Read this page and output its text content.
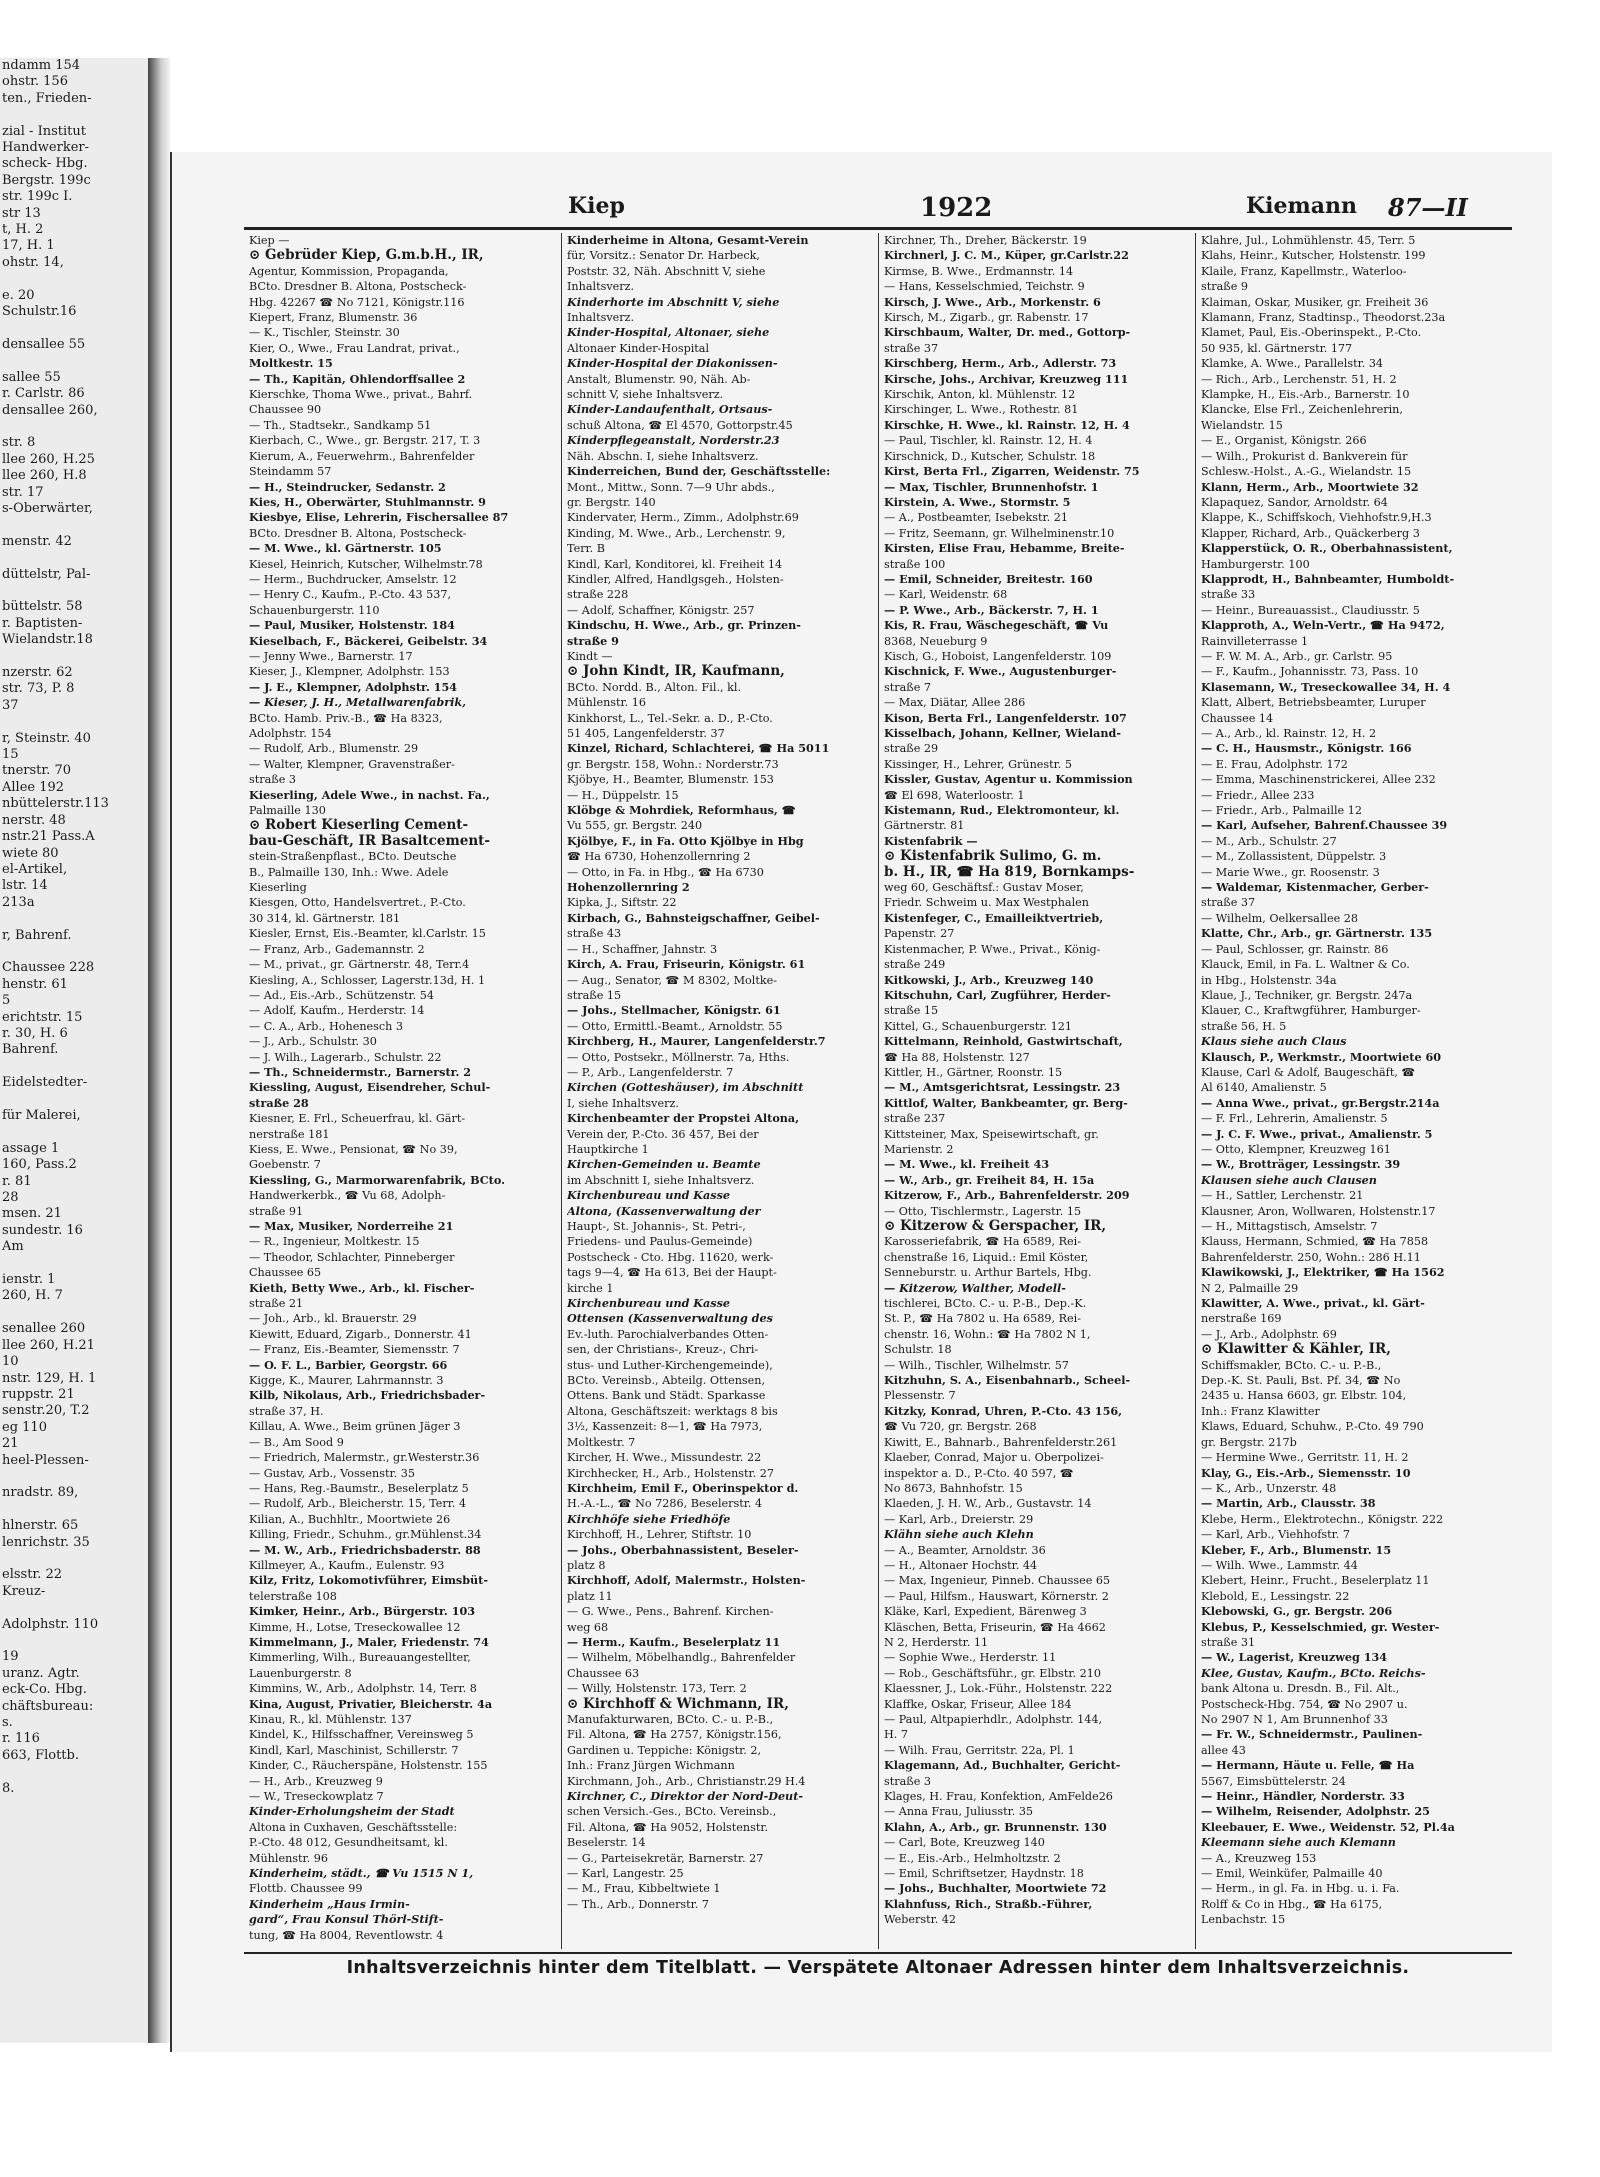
ndamm 154
ohstr. 156
ten., Frieden-

zial - Institut
Handwerker-
scheck- Hbg.
Bergstr. 199c
str. 199c I.
str 13
t, H. 2
17, H. 1
ohstr. 14,

e. 20
Schulstr.16

densallee 55

sallee 55
r. Carlstr. 86
densallee 260,

str. 8
llee 260, H.25
llee 260, H.8
str. 17
s-Oberwärter,

menstr. 42

düttelstr, Pal-

büttelstr. 58
r. Baptisten-
Wielandstr.18

nzerstr. 62
str. 73, P. 8
37

r, Steinstr. 40
15
tnerstr. 70
Allee 192
nbüttelerstr.113
nerstr. 48
nstr.21 Pass.A
wiete 80
el-Artikel,
lstr. 14
213a

r, Bahrenf.

Chaussee 228
henstr. 61
5
erichtstr. 15
r. 30, H. 6
Bahrenf.

Eidelstedter-

für Malerei,

assage 1
160, Pass.2
r. 81
28
msen. 21
sundestr. 16
Am

ienstr. 1
260, H. 7

senallee 260
llee 260, H.21
10
nstr. 129, H. 1
ruppstr. 21
senstr.20, T.2
eg 110
21
heel-Plessen-

nradstr. 89,

hlnerstr. 65
lenrichstr. 35

elsstr. 22
Kreuz-

Adolphstr. 110

19
uranz. Agtr.
eck-Co. Hbg.
chäftsbureau:
s.
r. 116
663, Flottb.

8.
Kiep	1922	Kiemann 87—II
Kiep —
⊙ Gebrüder Kiep, G.m.b.H., IR,
Agentur, Kommission, Propaganda,
BCto. Dresdner B. Altona, Postscheck-
Hbg. 42267 ☎ No 7121, Königstr.116
Kiepert, Franz, Blumenstr. 36
— K., Tischler, Steinstr. 30
Kier, O., Wwe., Frau Landrat, privat.,
Moltkestr. 15
— Th., Kapitän, Ohlendorffsallee 2
Kierschke, Thoma Wwe., privat., Bahrf.
Chaussee 90
— Th., Stadtsekr., Sandkamp 51
Kierbach, C., Wwe., gr. Bergstr. 217, T. 3
Kierum, A., Feuerwehrm., Bahrenfelder
Steindamm 57
— H., Steindrucker, Sedanstr. 2
Kies, H., Oberwärter, Stuhlmannstr. 9
Kiesbye, Elise, Lehrerin, Fischersallee 87
BCto. Dresdner B. Altona, Postscheck-
— M. Wwe., kl. Gärtnerstr. 105
Kiesel, Heinrich, Kutscher, Wilhelmstr.78
— Herm., Buchdrucker, Amselstr. 12
— Henry C., Kaufm., P.-Cto. 43 537,
Schauenburgerstr. 110
— Paul, Musiker, Holstenstr. 184
Kieselbach, F., Bäckerei, Geibelstr. 34
— Jenny Wwe., Barnerstr. 17
Kieser, J., Klempner, Adolphstr. 153
— J. E., Klempner, Adolphstr. 154
— Kieser, J. H., Metallwarenfabrik,
BCto. Hamb. Priv.-B., ☎ Ha 8323,
Adolphstr. 154
— Rudolf, Arb., Blumenstr. 29
— Walter, Klempner, Gravenstraßer-
straße 3
Kieserling, Adele Wwe., in nachst. Fa.,
Palmaille 130
⊙ Robert Kieserling Cement-
bau-Geschäft, IR Basaltcement-
stein-Straßenpflast., BCto. Deutsche
B., Palmaille 130, Inh.: Wwe. Adele
Kieserling
Kiesgen, Otto, Handelsvertret., P.-Cto.
30 314, kl. Gärtnerstr. 181
Kiesler, Ernst, Eis.-Beamter, kl.Carlstr. 15
— Franz, Arb., Gademannstr. 2
— M., privat., gr. Gärtnerstr. 48, Terr.4
Kiesling, A., Schlosser, Lagerstr.13d, H. 1
— Ad., Eis.-Arb., Schützenstr. 54
— Adolf, Kaufm., Herderstr. 14
— C. A., Arb., Hohenesch 3
— J., Arb., Schulstr. 30
— J. Wilh., Lagerarb., Schulstr. 22
— Th., Schneidermstr., Barnerstr. 2
Kiessling, August, Eisendreher, Schul-
straße 28
Kiesner, E. Frl., Scheuerfrau, kl. Gärt-
nerstraße 181
Kiess, E. Wwe., Pensionat, ☎ No 39,
Goebenstr. 7
Kiessling, G., Marmorwarenfabrik, BCto.
Handwerkerbk., ☎ Vu 68, Adolph-
straße 91
— Max, Musiker, Norderreihe 21
— R., Ingenieur, Moltkestr. 15
— Theodor, Schlachter, Pinneberger
Chaussee 65
Kieth, Betty Wwe., Arb., kl. Fischer-
straße 21
— Joh., Arb., kl. Brauerstr. 29
Kiewitt, Eduard, Zigarb., Donnerstr. 41
— Franz, Eis.-Beamter, Siemensstr. 7
— O. F. L., Barbier, Georgstr. 66
Kigge, K., Maurer, Lahrmannstr. 3
Kilb, Nikolaus, Arb., Friedrichsbader-
straße 37, H.
Killau, A. Wwe., Beim grünen Jäger 3
— B., Am Sood 9
— Friedrich, Malermstr., gr.Westerstr.36
— Gustav, Arb., Vossenstr. 35
— Hans, Reg.-Baumstr., Beselerplatz 5
— Rudolf, Arb., Bleicherstr. 15, Terr. 4
Kilian, A., Buchhltr., Moortwiete 26
Killing, Friedr., Schuhm., gr.Mühlenst.34
— M. W., Arb., Friedrichsbaderstr. 88
Killmeyer, A., Kaufm., Eulenstr. 93
Kilz, Fritz, Lokomotivführer, Eimsbüt-
telerstraße 108
Kimker, Heinr., Arb., Bürgerstr. 103
Kimme, H., Lotse, Treseckowallee 12
Kimmelmann, J., Maler, Friedenstr. 74
Kimmerling, Wilh., Bureauangestellter,
Lauenburgerstr. 8
Kimmins, W., Arb., Adolphstr. 14, Terr. 8
Kina, August, Privatier, Bleicherstr. 4a
Kinau, R., kl. Mühlenstr. 137
Kindel, K., Hilfsschaffner, Vereinsweg 5
Kindl, Karl, Maschinist, Schillerstr. 7
Kinder, C., Räucherspäne, Holstenstr. 155
— H., Arb., Kreuzweg 9
— W., Treseckowplatz 7
Kinder-Erholungsheim der Stadt
Altona in Cuxhaven, Geschäftsstelle:
P.-Cto. 48 012, Gesundheitsamt, kl.
Mühlenstr. 96
Kinderheim, städt., ☎ Vu 1515 N 1,
Flottb. Chaussee 99
Kinderheim „Haus Irmin-
gard“, Frau Konsul Thörl-Stift-
tung, ☎ Ha 8004, Reventlowstr. 4
Kinderheime in Altona, Gesamt-Verein
für, Vorsitz.: Senator Dr. Harbeck,
Poststr. 32, Näh. Abschnitt V, siehe
Inhaltsverz.
Kinderhorte im Abschnitt V, siehe
Inhaltsverz.
Kinder-Hospital, Altonaer, siehe
Altonaer Kinder-Hospital
Kinder-Hospital der Diakonissen-
Anstalt, Blumenstr. 90, Näh. Ab-
schnitt V, siehe Inhaltsverz.
Kinder-Landaufenthalt, Ortsaus-
schuß Altona, ☎ El 4570, Gottorpstr.45
Kinderpflegeanstalt, Norderstr.23
Näh. Abschn. I, siehe Inhaltsverz.
Kinderreichen, Bund der, Geschäftsstelle:
Mont., Mittw., Sonn. 7—9 Uhr abds.,
gr. Bergstr. 140
Kindervater, Herm., Zimm., Adolphstr.69
Kinding, M. Wwe., Arb., Lerchenstr. 9,
Terr. B
Kindl, Karl, Konditorei, kl. Freiheit 14
Kindler, Alfred, Handlgsgeh., Holsten-
straße 228
— Adolf, Schaffner, Königstr. 257
Kindschu, H. Wwe., Arb., gr. Prinzen-
straße 9
Kindt —
⊙ John Kindt, IR, Kaufmann,
BCto. Nordd. B., Alton. Fil., kl.
Mühlenstr. 16
Kinkhorst, L., Tel.-Sekr. a. D., P.-Cto.
51 405, Langenfelderstr. 37
Kinzel, Richard, Schlachterei, ☎ Ha 5011
gr. Bergstr. 158, Wohn.: Norderstr.73
Kjöbye, H., Beamter, Blumenstr. 153
— H., Düppelstr. 15
Klöbge & Mohrdiek, Reformhaus, ☎
Vu 555, gr. Bergstr. 240
Kjölbye, F., in Fa. Otto Kjölbye in Hbg
☎ Ha 6730, Hohenzollernring 2
— Otto, in Fa. in Hbg., ☎ Ha 6730
Hohenzollernring 2
Kipka, J., Siftstr. 22
Kirbach, G., Bahnsteigschaffner, Geibel-
straße 43
— H., Schaffner, Jahnstr. 3
Kirch, A. Frau, Friseurin, Königstr. 61
— Aug., Senator, ☎ M 8302, Moltke-
straße 15
— Johs., Stellmacher, Königstr. 61
— Otto, Ermittl.-Beamt., Arnoldstr. 55
Kirchberg, H., Maurer, Langenfelderstr.7
— Otto, Postsekr., Möllnerstr. 7a, Hths.
— P., Arb., Langenfelderstr. 7
Kirchen (Gotteshäuser), im Abschnitt
I, siehe Inhaltsverz.
Kirchenbeamter der Propstei Altona,
Verein der, P.-Cto. 36 457, Bei der
Hauptkirche 1
Kirchen-Gemeinden u. Beamte
im Abschnitt I, siehe Inhaltsverz.
Kirchenbureau und Kasse
Altona, (Kassenverwaltung der
Haupt-, St. Johannis-, St. Petri-,
Friedens- und Paulus-Gemeinde)
Postscheck - Cto. Hbg. 11620, werk-
tags 9—4, ☎ Ha 613, Bei der Haupt-
kirche 1
Kirchenbureau und Kasse
Ottensen (Kassenverwaltung des
Ev.-luth. Parochialverbandes Otten-
sen, der Christians-, Kreuz-, Chri-
stus- und Luther-Kirchengemeinde),
BCto. Vereinsb., Abteilg. Ottensen,
Ottens. Bank und Städt. Sparkasse
Altona, Geschäftszeit: werktags 8 bis
3½, Kassenzeit: 8—1, ☎ Ha 7973,
Moltkestr. 7
Kircher, H. Wwe., Missundestr. 22
Kirchhecker, H., Arb., Holstenstr. 27
Kirchheim, Emil F., Oberinspektor d.
H.-A.-L., ☎ No 7286, Beselerstr. 4
Kirchhöfe siehe Friedhöfe
Kirchhoff, H., Lehrer, Stiftstr. 10
— Johs., Oberbahnassistent, Beseler-
platz 8
Kirchhoff, Adolf, Malermstr., Holsten-
platz 11
— G. Wwe., Pens., Bahrenf. Kirchen-
weg 68
— Herm., Kaufm., Beselerplatz 11
— Wilhelm, Möbelhandlg., Bahrenfelder
Chaussee 63
— Willy, Holstenstr. 173, Terr. 2
⊙ Kirchhoff & Wichmann, IR,
Manufakturwaren, BCto. C.- u. P.-B.,
Fil. Altona, ☎ Ha 2757, Königstr.156,
Gardinen u. Teppiche: Königstr. 2,
Inh.: Franz Jürgen Wichmann
Kirchmann, Joh., Arb., Christianstr.29 H.4
Kirchner, C., Direktor der Nord-Deut-
schen Versich.-Ges., BCto. Vereinsb.,
Fil. Altona, ☎ Ha 9052, Holstenstr.
Beselerstr. 14
— G., Parteisekretär, Barnerstr. 27
— Karl, Langestr. 25
— M., Frau, Kibbeltwiete 1
— Th., Arb., Donnerstr. 7
Kirchner, Th., Dreher, Bäckerstr. 19
Kirchnerl, J. C. M., Küper, gr.Carlstr.22
Kirmse, B. Wwe., Erdmannstr. 14
— Hans, Kesselschmied, Teichstr. 9
Kirsch, J. Wwe., Arb., Morkenstr. 6
Kirsch, M., Zigarb., gr. Rabenstr. 17
Kirschbaum, Walter, Dr. med., Gottorp-
straße 37
Kirschberg, Herm., Arb., Adlerstr. 73
Kirsche, Johs., Archivar, Kreuzweg 111
Kirschik, Anton, kl. Mühlenstr. 12
Kirschinger, L. Wwe., Rothestr. 81
Kirschke, H. Wwe., kl. Rainstr. 12, H. 4
— Paul, Tischler, kl. Rainstr. 12, H. 4
Kirschnick, D., Kutscher, Schulstr. 18
Kirst, Berta Frl., Zigarren, Weidenstr. 75
— Max, Tischler, Brunnenhofstr. 1
Kirstein, A. Wwe., Stormstr. 5
— A., Postbeamter, Isebekstr. 21
— Fritz, Seemann, gr. Wilhelminenstr.10
Kirsten, Elise Frau, Hebamme, Breite-
straße 100
— Emil, Schneider, Breitestr. 160
— Karl, Weidenstr. 68
— P. Wwe., Arb., Bäckerstr. 7, H. 1
Kis, R. Frau, Wäschegeschäft, ☎ Vu
8368, Neueburg 9
Kisch, G., Hoboist, Langenfelderstr. 109
Kischnick, F. Wwe., Augustenburger-
straße 7
— Max, Diätar, Allee 286
Kison, Berta Frl., Langenfelderstr. 107
Kisselbach, Johann, Kellner, Wieland-
straße 29
Kissinger, H., Lehrer, Grünestr. 5
Kissler, Gustav, Agentur u. Kommission
☎ El 698, Waterloostr. 1
Kistemann, Rud., Elektromonteur, kl.
Gärtnerstr. 81
Kistenfabrik —
⊙ Kistenfabrik Sulimo, G. m.
b. H., IR, ☎ Ha 819, Bornkamps-
weg 60, Geschäftsf.: Gustav Moser,
Friedr. Schweim u. Max Westphalen
Kistenfeger, C., Emailleiktvertrieb,
Papenstr. 27
Kistenmacher, P. Wwe., Privat., König-
straße 249
Kitkowski, J., Arb., Kreuzweg 140
Kitschuhn, Carl, Zugführer, Herder-
straße 15
Kittel, G., Schauenburgerstr. 121
Kittelmann, Reinhold, Gastwirtschaft,
☎ Ha 88, Holstenstr. 127
Kittler, H., Gärtner, Roonstr. 15
— M., Amtsgerichtsrat, Lessingstr. 23
Kittlof, Walter, Bankbeamter, gr. Berg-
straße 237
Kittsteiner, Max, Speisewirtschaft, gr.
Marienstr. 2
— M. Wwe., kl. Freiheit 43
— W., Arb., gr. Freiheit 84, H. 15a
Kitzerow, F., Arb., Bahrenfelderstr. 209
— Otto, Tischlermstr., Lagerstr. 15
⊙ Kitzerow & Gerspacher, IR,
Karosseriefabrik, ☎ Ha 6589, Rei-
chenstraße 16, Liquid.: Emil Köster,
Senneburstr. u. Arthur Bartels, Hbg.
— Kitzerow, Walther, Modell-
tischlerei, BCto. C.- u. P.-B., Dep.-K.
St. P., ☎ Ha 7802 u. Ha 6589, Rei-
chenstr. 16, Wohn.: ☎ Ha 7802 N 1,
Schulstr. 18
— Wilh., Tischler, Wilhelmstr. 57
Kitzhuhn, S. A., Eisenbahnarb., Scheel-
Plessenstr. 7
Kitzky, Konrad, Uhren, P.-Cto. 43 156,
☎ Vu 720, gr. Bergstr. 268
Kiwitt, E., Bahnarb., Bahrenfelderstr.261
Klaeber, Conrad, Major u. Oberpolizei-
inspektor a. D., P.-Cto. 40 597, ☎
No 8673, Bahnhofstr. 15
Klaeden, J. H. W., Arb., Gustavstr. 14
— Karl, Arb., Dreierstr. 29
Klähn siehe auch Klehn
— A., Beamter, Arnoldstr. 36
— H., Altonaer Hochstr. 44
— Max, Ingenieur, Pinneb. Chaussee 65
— Paul, Hilfsm., Hauswart, Körnerstr. 2
Kläke, Karl, Expedient, Bärenweg 3
Kläschen, Betta, Friseurin, ☎ Ha 4662
N 2, Herderstr. 11
— Sophie Wwe., Herderstr. 11
— Rob., Geschäftsführ., gr. Elbstr. 210
Klaessner, J., Lok.-Führ., Holstenstr. 222
Klaffke, Oskar, Friseur, Allee 184
— Paul, Altpapierhdlr., Adolphstr. 144,
H. 7
— Wilh. Frau, Gerritstr. 22a, Pl. 1
Klagemann, Ad., Buchhalter, Gericht-
straße 3
Klages, H. Frau, Konfektion, AmFelde26
— Anna Frau, Juliusstr. 35
Klahn, A., Arb., gr. Brunnenstr. 130
— Carl, Bote, Kreuzweg 140
— E., Eis.-Arb., Helmholtzstr. 2
— Emil, Schriftsetzer, Haydnstr. 18
— Johs., Buchhalter, Moortwiete 72
Klahnfuss, Rich., Straßb.-Führer,
Weberstr. 42
Klahre, Jul., Lohmühlenstr. 45, Terr. 5
Klahs, Heinr., Kutscher, Holstenstr. 199
Klaile, Franz, Kapellmstr., Waterloo-
straße 9
Klaiman, Oskar, Musiker, gr. Freiheit 36
Klamann, Franz, Stadtinsp., Theodorst.23a
Klamet, Paul, Eis.-Oberinspekt., P.-Cto.
50 935, kl. Gärtnerstr. 177
Klamke, A. Wwe., Parallelstr. 34
— Rich., Arb., Lerchenstr. 51, H. 2
Klampke, H., Eis.-Arb., Barnerstr. 10
Klancke, Else Frl., Zeichenlehrerin,
Wielandstr. 15
— E., Organist, Königstr. 266
— Wilh., Prokurist d. Bankverein für
Schlesw.-Holst., A.-G., Wielandstr. 15
Klann, Herm., Arb., Moortwiete 32
Klapaquez, Sandor, Arnoldstr. 64
Klappe, K., Schiffskoch, Viehhofstr.9,H.3
Klapper, Richard, Arb., Quäckerberg 3
Klapperstück, O. R., Oberbahnassistent,
Hamburgerstr. 100
Klapprodt, H., Bahnbeamter, Humboldt-
straße 33
— Heinr., Bureauassist., Claudiusstr. 5
Klapproth, A., Weln-Vertr., ☎ Ha 9472,
Rainvilleterrasse 1
— F. W. M. A., Arb., gr. Carlstr. 95
— F., Kaufm., Johannisstr. 73, Pass. 10
Klasemann, W., Treseckowallee 34, H. 4
Klatt, Albert, Betriebsbeamter, Luruper
Chaussee 14
— A., Arb., kl. Rainstr. 12, H. 2
— C. H., Hausmstr., Königstr. 166
— E. Frau, Adolphstr. 172
— Emma, Maschinenstrickerei, Allee 232
— Friedr., Allee 233
— Friedr., Arb., Palmaille 12
— Karl, Aufseher, Bahrenf.Chaussee 39
— M., Arb., Schulstr. 27
— M., Zollassistent, Düppelstr. 3
— Marie Wwe., gr. Roosenstr. 3
— Waldemar, Kistenmacher, Gerber-
straße 37
— Wilhelm, Oelkersallee 28
Klatte, Chr., Arb., gr. Gärtnerstr. 135
— Paul, Schlosser, gr. Rainstr. 86
Klauck, Emil, in Fa. L. Waltner & Co.
in Hbg., Holstenstr. 34a
Klaue, J., Techniker, gr. Bergstr. 247a
Klauer, C., Kraftwgführer, Hamburger-
straße 56, H. 5
Klaus siehe auch Claus
Klausch, P., Werkmstr., Moortwiete 60
Klause, Carl & Adolf, Baugeschäft, ☎
Al 6140, Amalienstr. 5
— Anna Wwe., privat., gr.Bergstr.214a
— F. Frl., Lehrerin, Amalienstr. 5
— J. C. F. Wwe., privat., Amalienstr. 5
— Otto, Klempner, Kreuzweg 161
— W., Brotträger, Lessingstr. 39
Klausen siehe auch Clausen
— H., Sattler, Lerchenstr. 21
Klausner, Aron, Wollwaren, Holstenstr.17
— H., Mittagstisch, Amselstr. 7
Klauss, Hermann, Schmied, ☎ Ha 7858
Bahrenfelderstr. 250, Wohn.: 286 H.11
Klawikowski, J., Elektriker, ☎ Ha 1562
N 2, Palmaille 29
Klawitter, A. Wwe., privat., kl. Gärt-
nerstraße 169
— J., Arb., Adolphstr. 69
⊙ Klawitter & Kähler, IR,
Schiffsmakler, BCto. C.- u. P.-B.,
Dep.-K. St. Pauli, Bst. Pf. 34, ☎ No
2435 u. Hansa 6603, gr. Elbstr. 104,
Inh.: Franz Klawitter
Klaws, Eduard, Schuhw., P.-Cto. 49 790
gr. Bergstr. 217b
— Hermine Wwe., Gerritstr. 11, H. 2
Klay, G., Eis.-Arb., Siemensstr. 10
— K., Arb., Unzerstr. 48
— Martin, Arb., Clausstr. 38
Klebe, Herm., Elektrotechn., Königstr. 222
— Karl, Arb., Viehhofstr. 7
Kleber, F., Arb., Blumenstr. 15
— Wilh. Wwe., Lammstr. 44
Klebert, Heinr., Frucht., Beselerplatz 11
Klebold, E., Lessingstr. 22
Klebowski, G., gr. Bergstr. 206
Klebus, P., Kesselschmied, gr. Wester-
straße 31
— W., Lagerist, Kreuzweg 134
Klee, Gustav, Kaufm., BCto. Reichs-
bank Altona u. Dresdn. B., Fil. Alt.,
Postscheck-Hbg. 754, ☎ No 2907 u.
No 2907 N 1, Am Brunnenhof 33
— Fr. W., Schneidermstr., Paulinen-
allee 43
— Hermann, Häute u. Felle, ☎ Ha
5567, Eimsbüttelerstr. 24
— Heinr., Händler, Norderstr. 33
— Wilhelm, Reisender, Adolphstr. 25
Kleebauer, E. Wwe., Weidenstr. 52, Pl.4a
Kleemann siehe auch Klemann
— A., Kreuzweg 153
— Emil, Weinküfer, Palmaille 40
— Herm., in gl. Fa. in Hbg. u. i. Fa.
Rolff & Co in Hbg., ☎ Ha 6175,
Lenbachstr. 15
Inhaltsverzeichnis hinter dem Titelblatt. — Verspätete Altonaer Adressen hinter dem Inhaltsverzeichnis.
